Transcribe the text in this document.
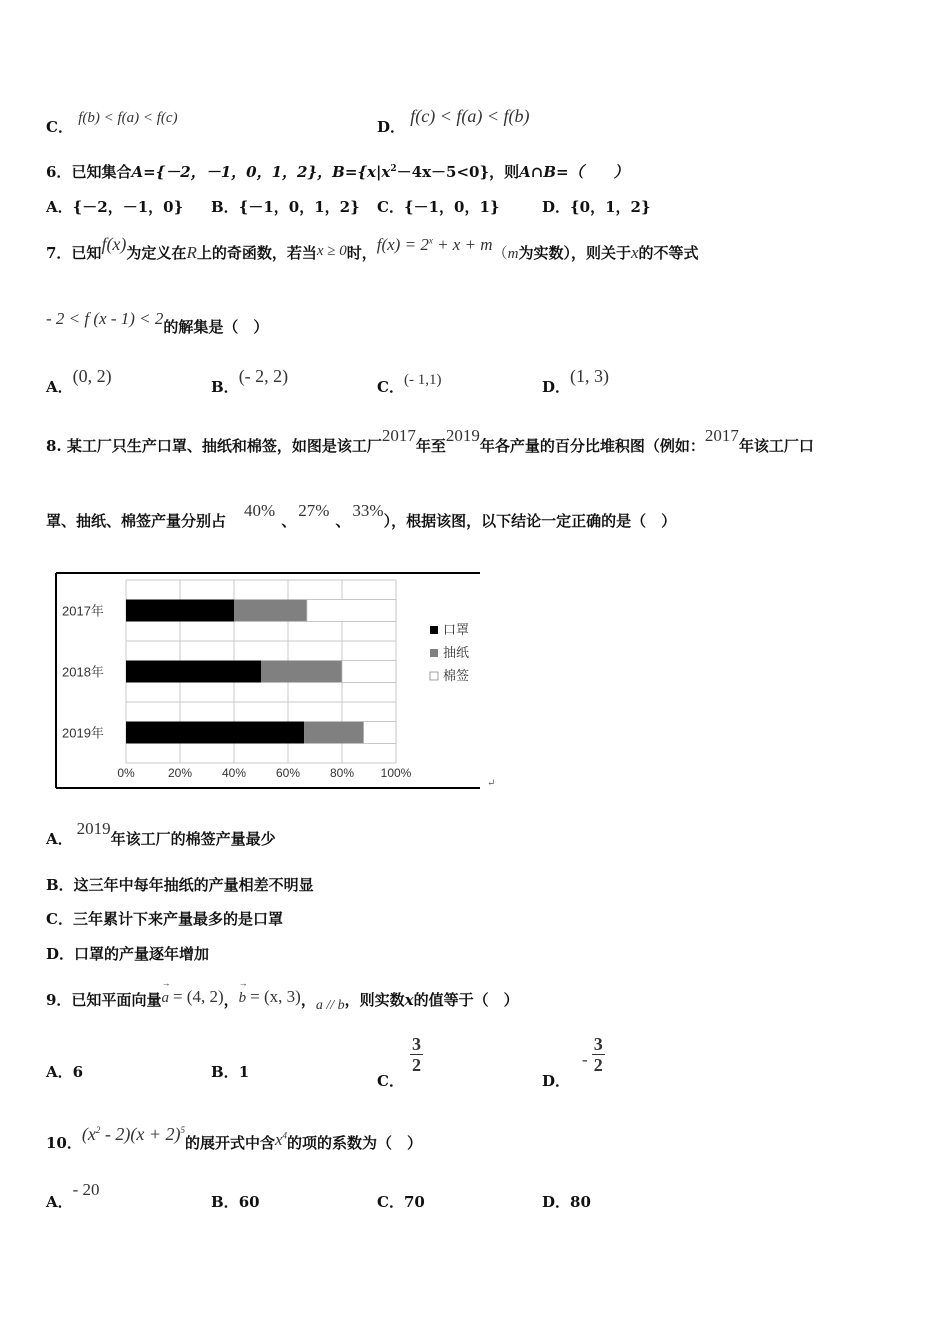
C． f(b) < f(a) < f(c)	D． f(c) < f(a) < f(b)
6．已知集合A={－2，－1，0，1，2}，$B=\{x|x^2-4x-5<0\}$，则A∩B=（　　）
A．{－2，－1，0} B．{－1，0，1，2} C．{－1，0，1}	D．{0，1，2}
7．已知f(x)为定义在R上的奇函数，若当x ≥ 0时，$f(x) = 2^x + x + m(m$为实数），则关于x的不等式
- 2 < f (x - 1) < 2的解集是（　）
A．(0, 2)
B．(- 2, 2)
C．(- 1,1)	D．(1, 3)
8. 某工厂只生产口罩、抽纸和棉签，如图是该工厂2017年至2019年各产量的百分比堆积图（例如：2017年该工厂口
罩、抽纸、棉签产量分别占40%、27%、33%），根据该图，以下结论一定正确的是（　）
2017年
2018年
2019年
0%	20% 40% 60% 80% 100%
口罩
抽纸
棉签
↵
A．2019年该工厂的棉签产量最少
B．这三年中每年抽纸的产量相差不明显
C．三年累计下来产量最多的是口罩
D．口罩的产量逐年增加
9．已知平面向量
→
a = (4, 2)，
→
b = (x, 3)，a // b，则实数x的值等于（　）
A．6	B．1	C．
$\frac{3}{2}$
D．- $\frac{3}{2}$
10．$(x^2 - 2)(x + 2)^5$的展开式中含$x^4$的项的系数为（　）
A．- 20
B．60	C．70	D．80
